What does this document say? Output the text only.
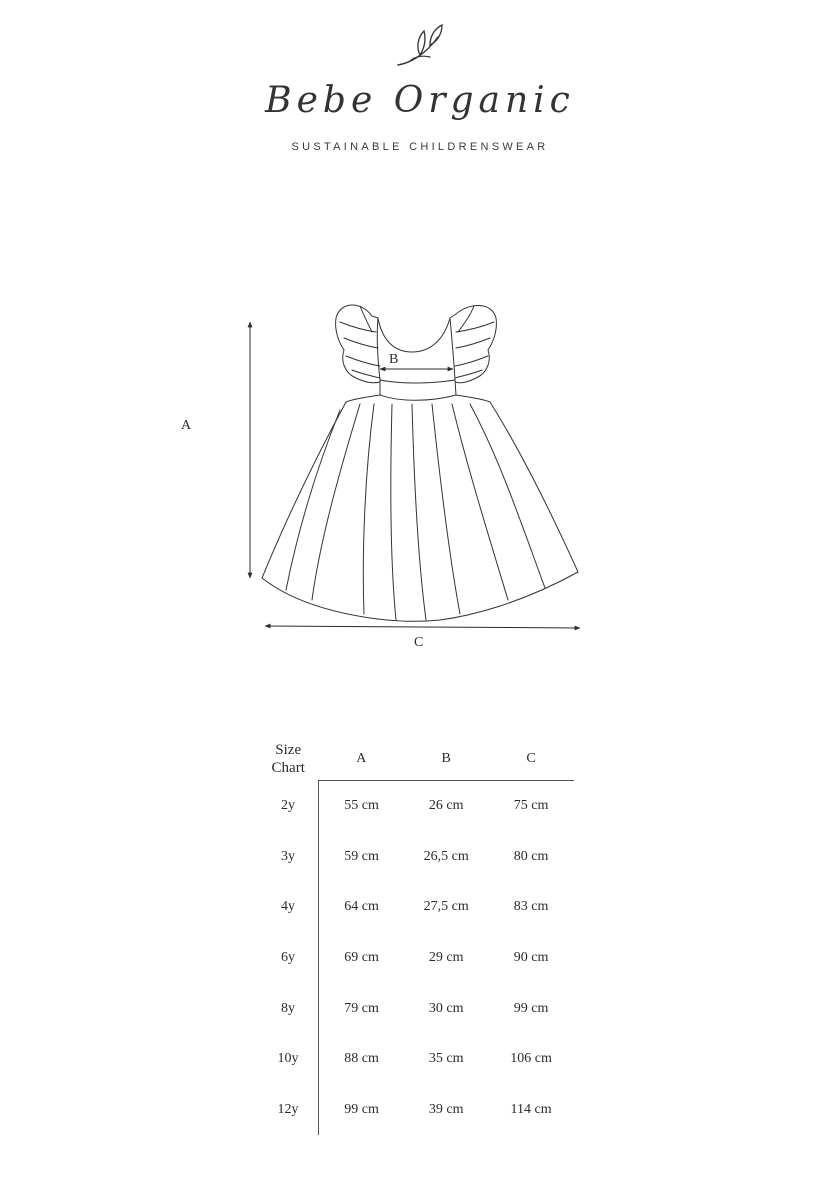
Bebe Organic
SUSTAINABLE CHILDRENSWEAR
A
B
C
Size Chart	A	B	C
2y	55 cm	26 cm	75 cm
3y	59 cm	26,5 cm	80 cm
4y	64 cm	27,5 cm	83 cm
6y	69 cm	29 cm	90 cm
8y	79 cm	30 cm	99 cm
10y	88 cm	35 cm	106 cm
12y	99 cm	39 cm	114 cm
